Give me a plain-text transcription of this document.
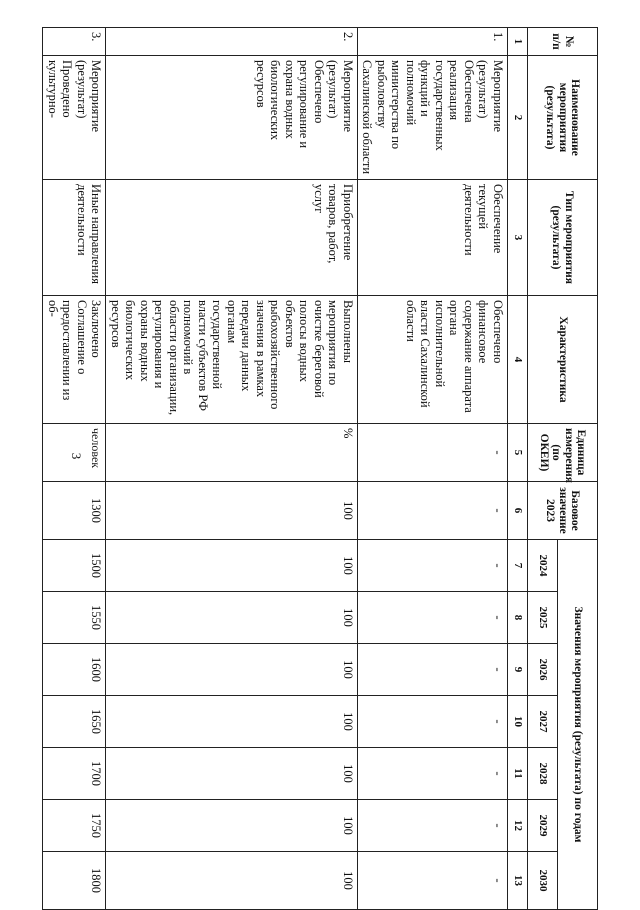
3
№ п/п	Наименование мероприятия (результата)	Тип мероприятия (результата)	Характеристика	Единица измерения (по ОКЕИ)	Базовое значение 2023	Значения мероприятия (результата) по годам						
						2024	2025	2026	2027	2028	2029	2030
1	2	3	4	5	6	7	8	9	10	11	12	13
1.	Мероприятие (результат) Обеспечена реализация государственных функций и полномочий министерства по рыболовству Сахалинской области	Обеспечение текущей деятельности	Обеспечено финансовое содержание аппарата органа исполнительной власти Сахалинской области	-	-	-	-	-	-	-	-	-
2.	Мероприятие (результат) Обеспечено регулирование и охрана водных биологических ресурсов	Приобретение товаров, работ, услуг	Выполнены мероприятия по очистке береговой полосы водных объектов рыбохозяйственного значения в рамках передачи данных органам государственной власти субъектов РФ полномочий в области организации, регулирования и охраны водных биологических ресурсов	%	100	100	100	100	100	100	100	100
3.	Мероприятие (результат) Проведено культурно-	Иные направления деятельности	Заключено Соглашение о предоставлении из об-	человек	1300	1500	1550	1600	1650	1700	1750	1800
